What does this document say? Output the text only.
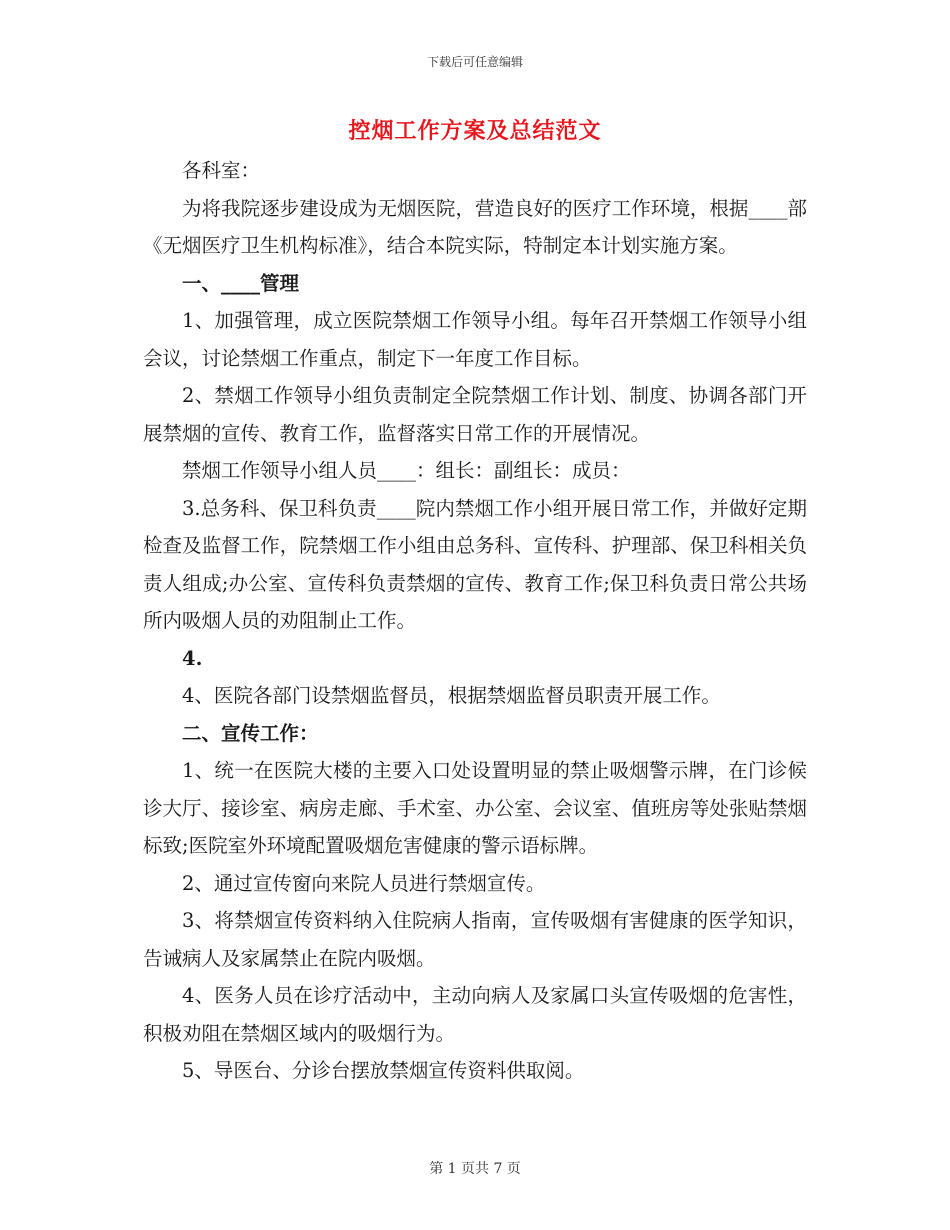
下载后可任意编辑
控烟工作方案及总结范文

各科室：

为将我院逐步建设成为无烟医院，营造良好的医疗工作环境，根据____部《无烟医疗卫生机构标准》，结合本院实际，特制定本计划实施方案。

一、____管理

1、加强管理，成立医院禁烟工作领导小组。每年召开禁烟工作领导小组会议，讨论禁烟工作重点，制定下一年度工作目标。

2、禁烟工作领导小组负责制定全院禁烟工作计划、制度、协调各部门开展禁烟的宣传、教育工作，监督落实日常工作的开展情况。

禁烟工作领导小组人员____：组长：副组长：成员：

3.总务科、保卫科负责____院内禁烟工作小组开展日常工作，并做好定期检查及监督工作，院禁烟工作小组由总务科、宣传科、护理部、保卫科相关负责人组成;办公室、宣传科负责禁烟的宣传、教育工作;保卫科负责日常公共场所内吸烟人员的劝阻制止工作。

4.

4、医院各部门设禁烟监督员，根据禁烟监督员职责开展工作。

二、宣传工作：

1、统一在医院大楼的主要入口处设置明显的禁止吸烟警示牌，在门诊候诊大厅、接诊室、病房走廊、手术室、办公室、会议室、值班房等处张贴禁烟标致;医院室外环境配置吸烟危害健康的警示语标牌。

2、通过宣传窗向来院人员进行禁烟宣传。

3、将禁烟宣传资料纳入住院病人指南，宣传吸烟有害健康的医学知识，告诫病人及家属禁止在院内吸烟。

4、医务人员在诊疗活动中，主动向病人及家属口头宣传吸烟的危害性，积极劝阻在禁烟区域内的吸烟行为。

5、导医台、分诊台摆放禁烟宣传资料供取阅。

第 1 页共 7 页
